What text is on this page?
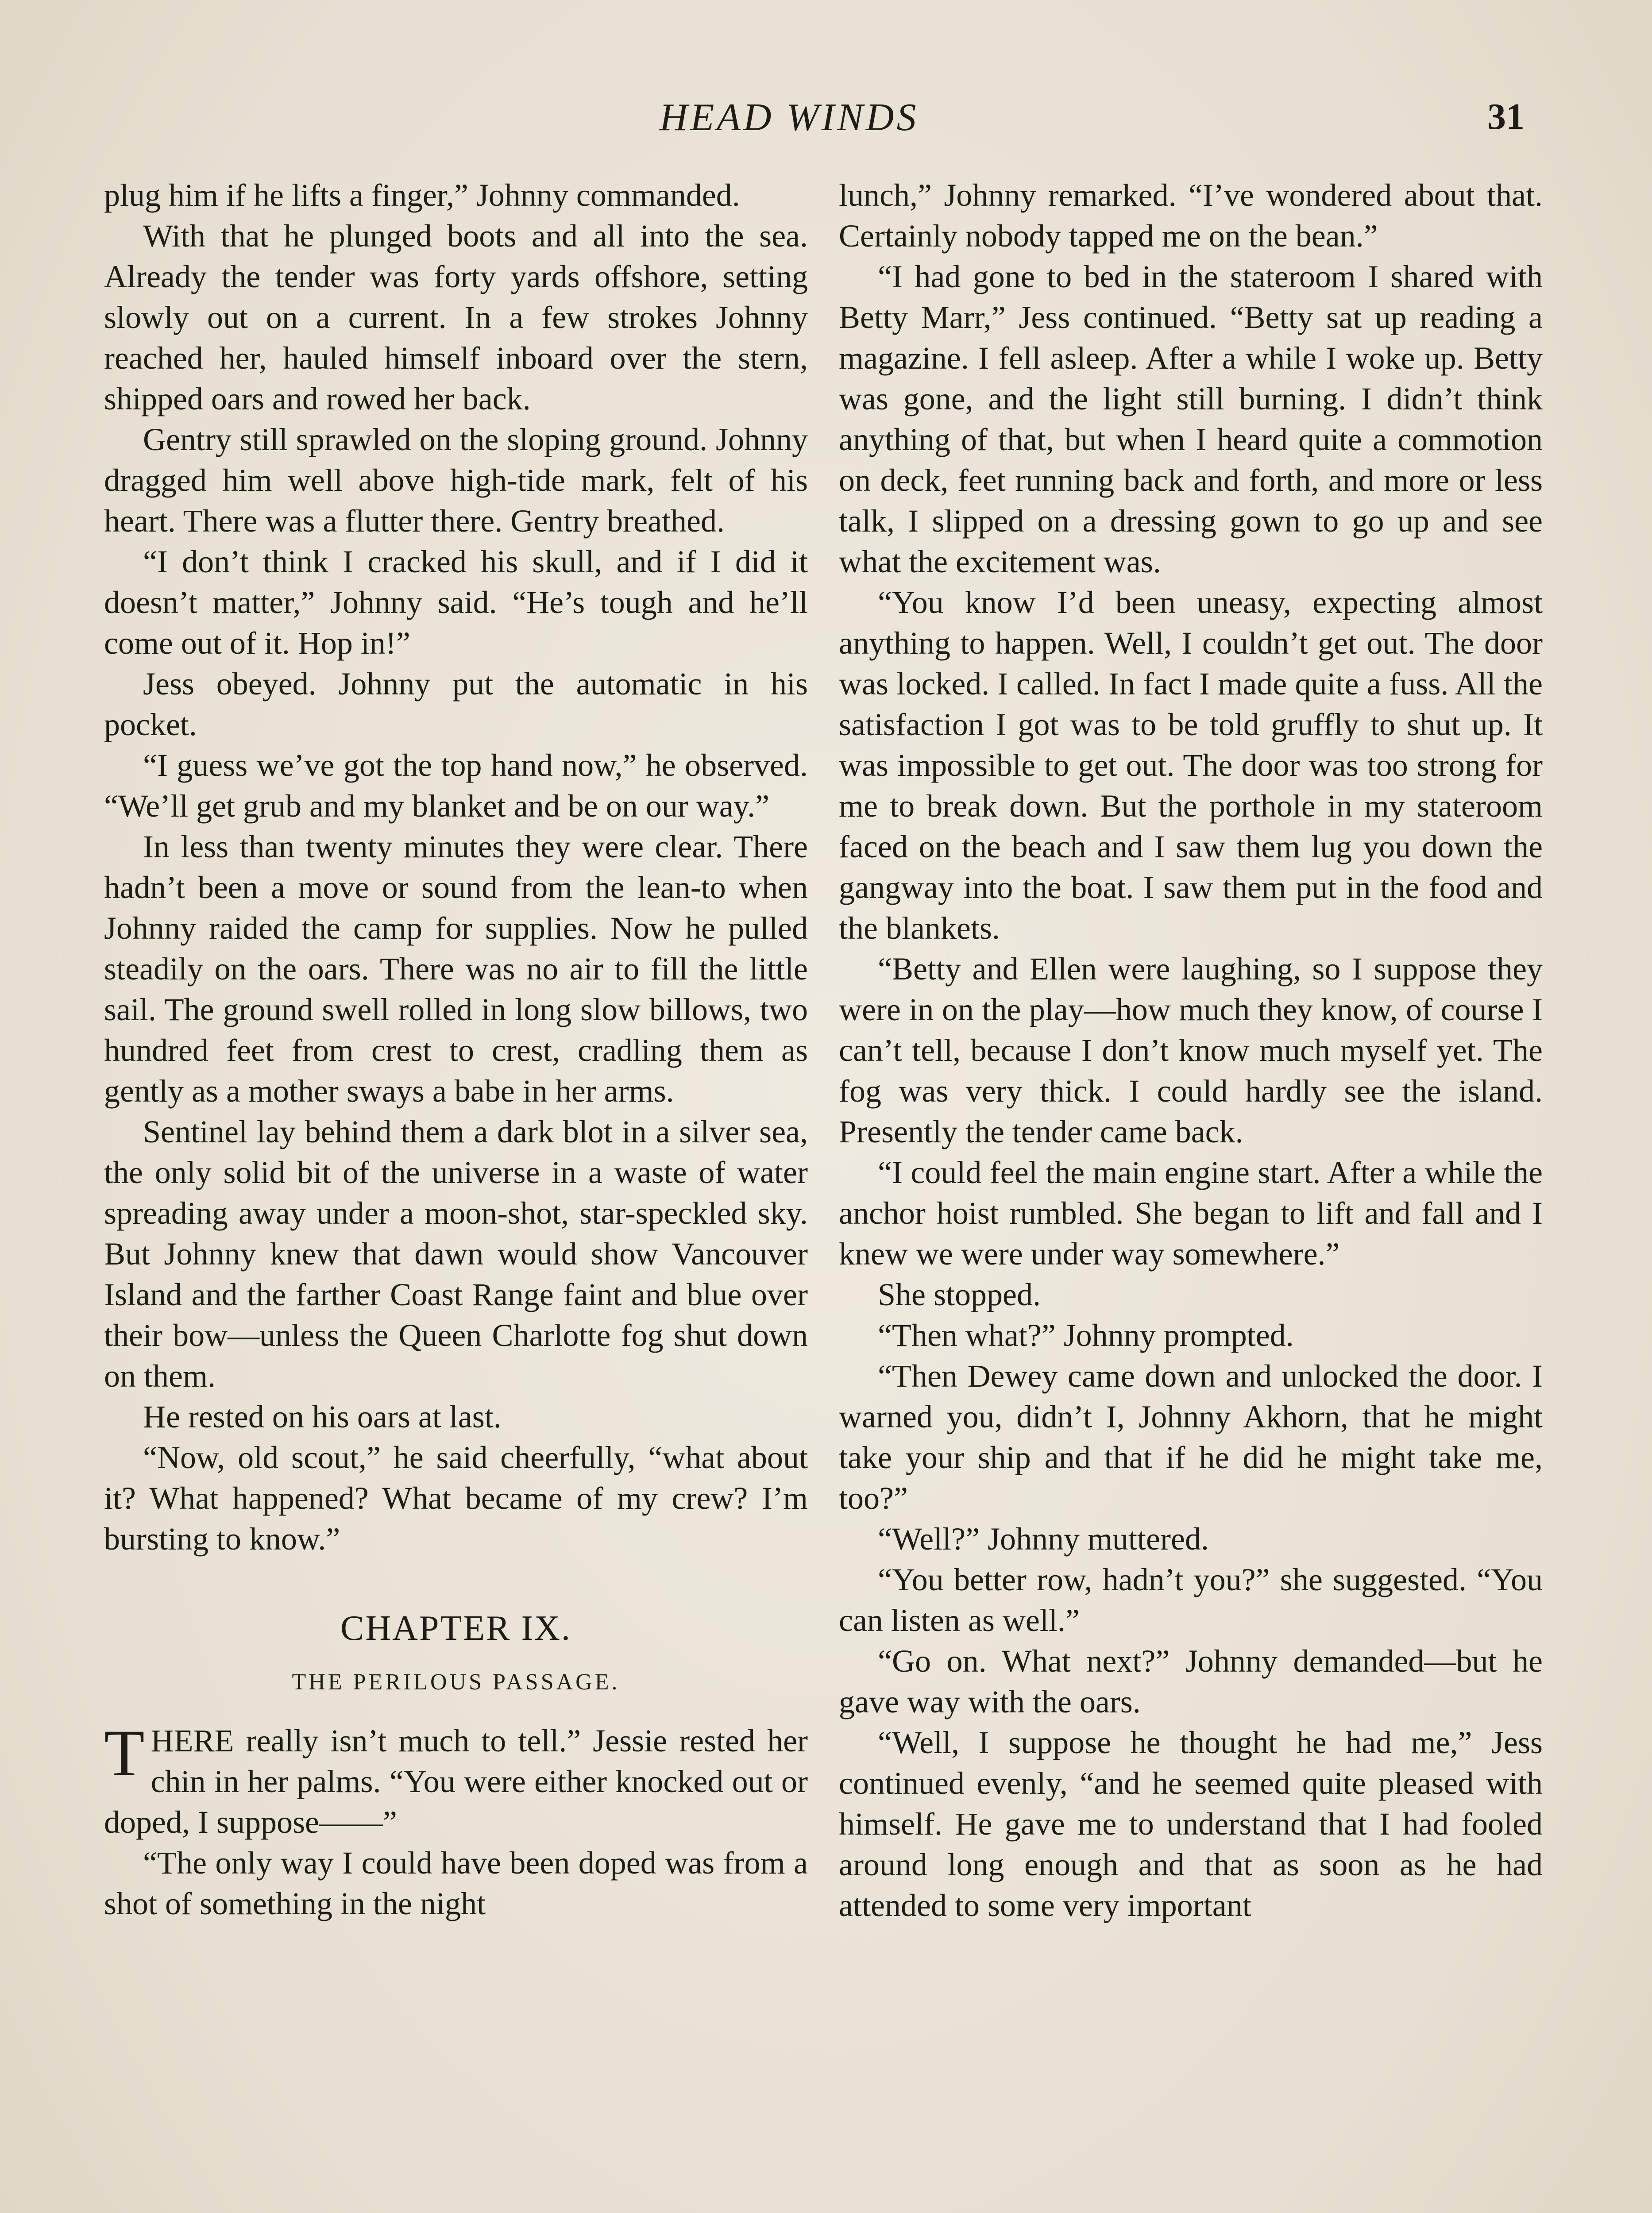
HEAD WINDS	31

plug him if he lifts a finger,” Johnny commanded.

With that he plunged boots and all into the sea. Already the tender was forty yards offshore, setting slowly out on a current. In a few strokes Johnny reached her, hauled himself inboard over the stern, shipped oars and rowed her back.

Gentry still sprawled on the sloping ground. Johnny dragged him well above high-tide mark, felt of his heart. There was a flutter there. Gentry breathed.

“I don’t think I cracked his skull, and if I did it doesn’t matter,” Johnny said. “He’s tough and he’ll come out of it. Hop in!”

Jess obeyed. Johnny put the automatic in his pocket.

“I guess we’ve got the top hand now,” he observed. “We’ll get grub and my blanket and be on our way.”

In less than twenty minutes they were clear. There hadn’t been a move or sound from the lean-to when Johnny raided the camp for supplies. Now he pulled steadily on the oars. There was no air to fill the little sail. The ground swell rolled in long slow billows, two hundred feet from crest to crest, cradling them as gently as a mother sways a babe in her arms.

Sentinel lay behind them a dark blot in a silver sea, the only solid bit of the universe in a waste of water spreading away under a moon-shot, star-speckled sky. But Johnny knew that dawn would show Vancouver Island and the farther Coast Range faint and blue over their bow—unless the Queen Charlotte fog shut down on them.

He rested on his oars at last.

“Now, old scout,” he said cheerfully, “what about it? What happened? What became of my crew? I’m bursting to know.”

CHAPTER IX.
THE PERILOUS PASSAGE.

THERE really isn’t much to tell.” Jessie rested her chin in her palms. “You were either knocked out or doped, I suppose——”

“The only way I could have been doped was from a shot of something in the night

lunch,” Johnny remarked. “I’ve wondered about that. Certainly nobody tapped me on the bean.”

“I had gone to bed in the stateroom I shared with Betty Marr,” Jess continued. “Betty sat up reading a magazine. I fell asleep. After a while I woke up. Betty was gone, and the light still burning. I didn’t think anything of that, but when I heard quite a commotion on deck, feet running back and forth, and more or less talk, I slipped on a dressing gown to go up and see what the excitement was.

“You know I’d been uneasy, expecting almost anything to happen. Well, I couldn’t get out. The door was locked. I called. In fact I made quite a fuss. All the satisfaction I got was to be told gruffly to shut up. It was impossible to get out. The door was too strong for me to break down. But the porthole in my stateroom faced on the beach and I saw them lug you down the gangway into the boat. I saw them put in the food and the blankets.

“Betty and Ellen were laughing, so I suppose they were in on the play—how much they know, of course I can’t tell, because I don’t know much myself yet. The fog was very thick. I could hardly see the island. Presently the tender came back.

“I could feel the main engine start. After a while the anchor hoist rumbled. She began to lift and fall and I knew we were under way somewhere.”

She stopped.

“Then what?” Johnny prompted.

“Then Dewey came down and unlocked the door. I warned you, didn’t I, Johnny Akhorn, that he might take your ship and that if he did he might take me, too?”

“Well?” Johnny muttered.

“You better row, hadn’t you?” she suggested. “You can listen as well.”

“Go on. What next?” Johnny demanded—but he gave way with the oars.

“Well, I suppose he thought he had me,” Jess continued evenly, “and he seemed quite pleased with himself. He gave me to understand that I had fooled around long enough and that as soon as he had attended to some very important
